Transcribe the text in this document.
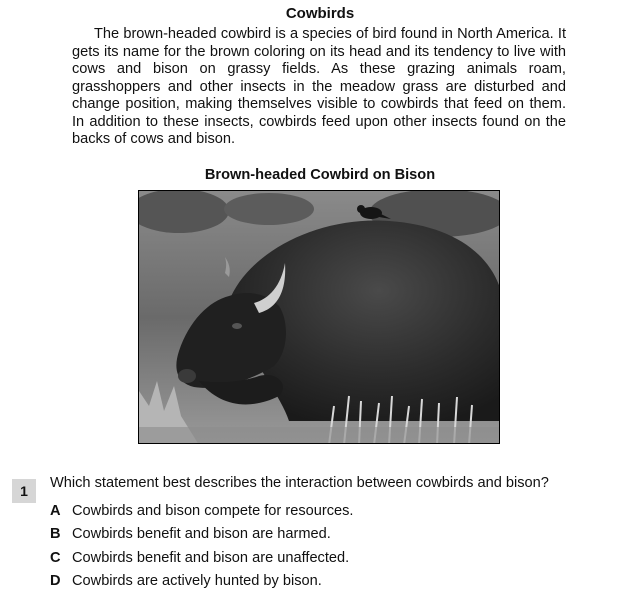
Cowbirds

The brown-headed cowbird is a species of bird found in North America. It gets its name for the brown coloring on its head and its tendency to live with cows and bison on grassy fields. As these grazing animals roam, grasshoppers and other insects in the meadow grass are disturbed and change position, making themselves visible to cowbirds that feed on them. In addition to these insects, cowbirds feed upon other insects found on the backs of cows and bison.

Brown-headed Cowbird on Bison
1	Which statement best describes the interaction between cowbirds and bison?
A Cowbirds and bison compete for resources.
B Cowbirds benefit and bison are harmed.
C Cowbirds benefit and bison are unaffected.
D Cowbirds are actively hunted by bison.
